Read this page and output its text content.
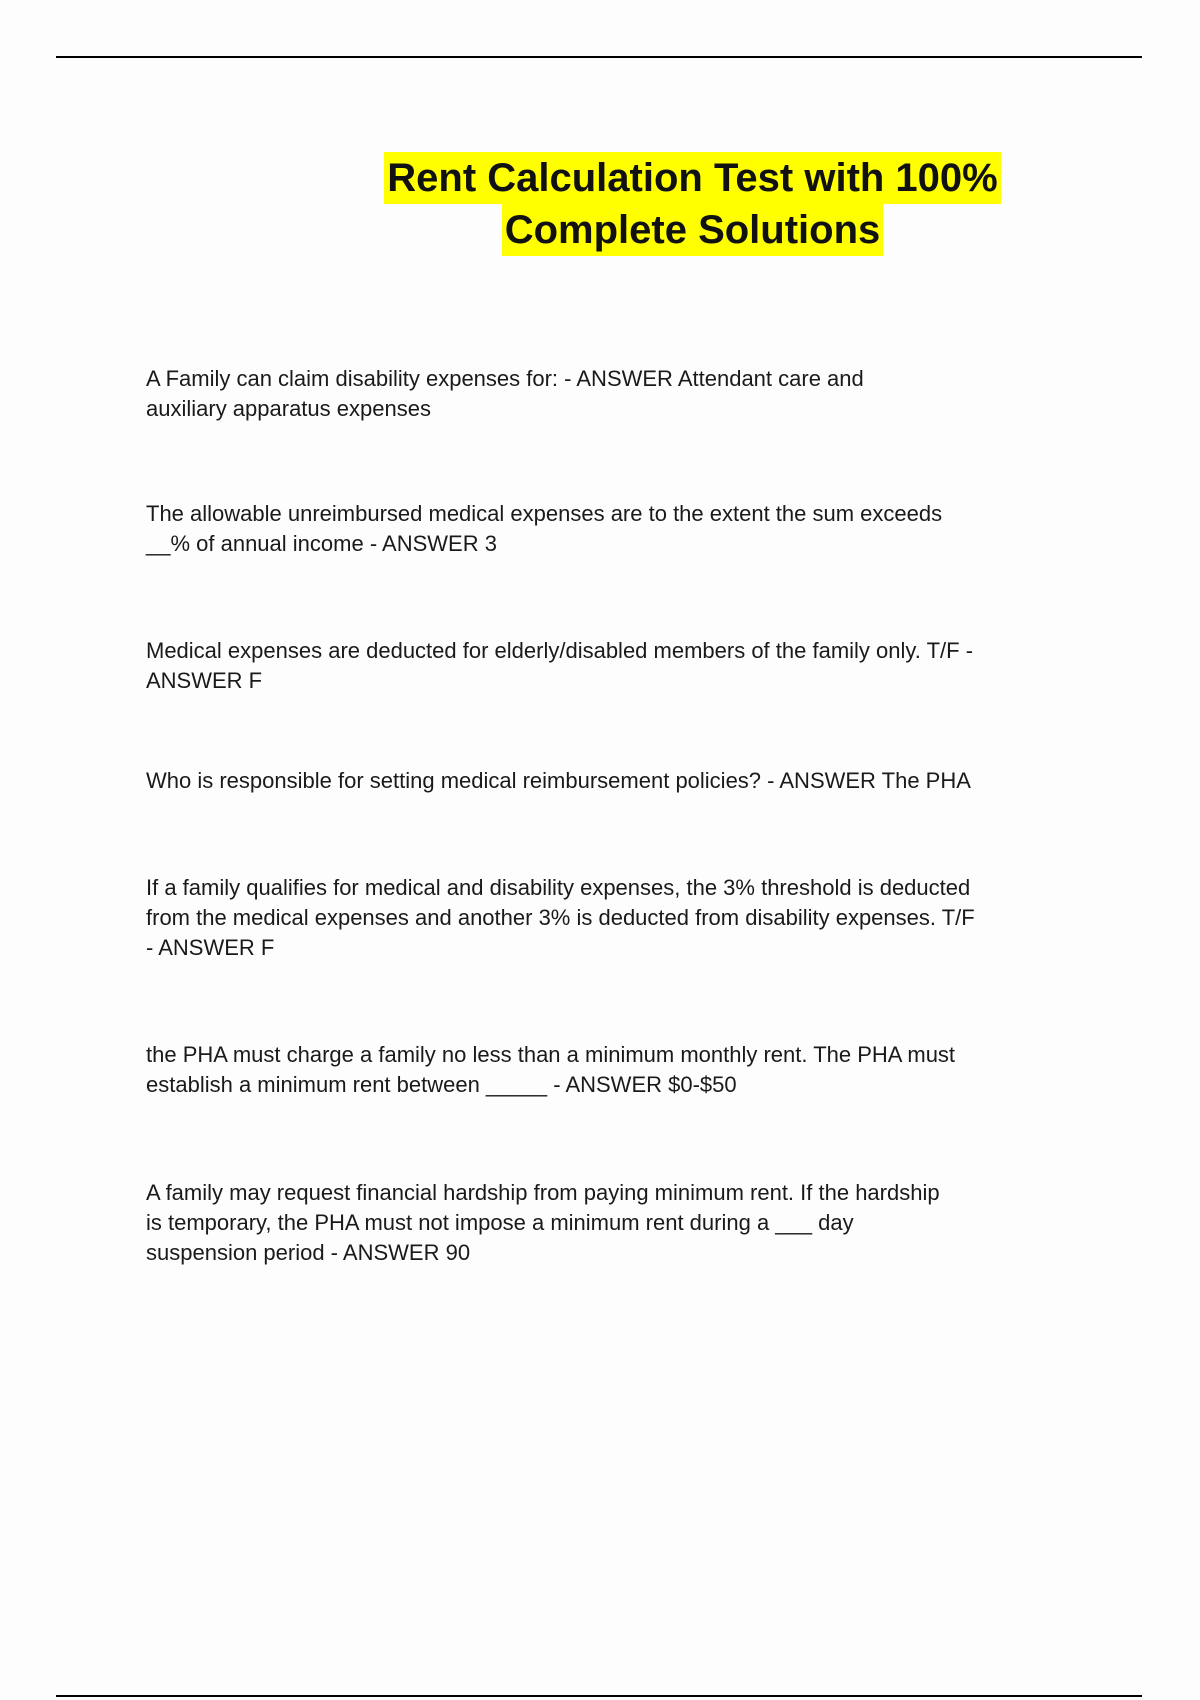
Rent Calculation Test with 100%
Complete Solutions

A Family can claim disability expenses for: - ANSWER Attendant care and
auxiliary apparatus expenses

The allowable unreimbursed medical expenses are to the extent the sum exceeds
__% of annual income - ANSWER 3

Medical expenses are deducted for elderly/disabled members of the family only. T/F -
ANSWER F

Who is responsible for setting medical reimbursement policies? - ANSWER The PHA

If a family qualifies for medical and disability expenses, the 3% threshold is deducted
from the medical expenses and another 3% is deducted from disability expenses. T/F
- ANSWER F

the PHA must charge a family no less than a minimum monthly rent. The PHA must
establish a minimum rent between _____ - ANSWER $0-$50

A family may request financial hardship from paying minimum rent. If the hardship
is temporary, the PHA must not impose a minimum rent during a ___ day
suspension period - ANSWER 90
